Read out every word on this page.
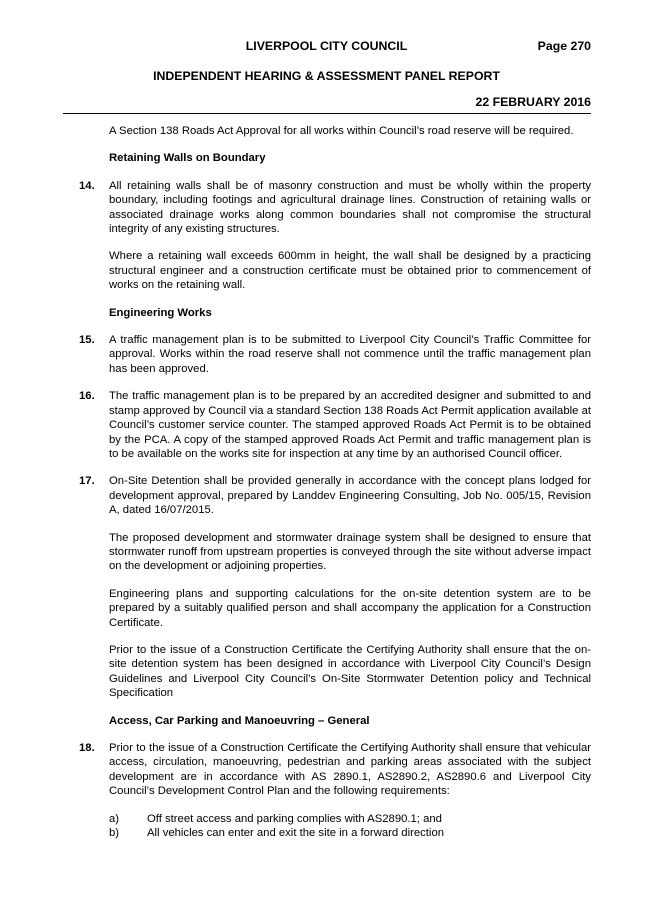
LIVERPOOL CITY COUNCIL	Page 270
INDEPENDENT HEARING & ASSESSMENT PANEL REPORT
22 FEBRUARY 2016

A Section 138 Roads Act Approval for all works within Council’s road reserve will be required.

Retaining Walls on Boundary

14.	All retaining walls shall be of masonry construction and must be wholly within the property boundary, including footings and agricultural drainage lines. Construction of retaining walls or associated drainage works along common boundaries shall not compromise the structural integrity of any existing structures.

Where a retaining wall exceeds 600mm in height, the wall shall be designed by a practicing structural engineer and a construction certificate must be obtained prior to commencement of works on the retaining wall.

Engineering Works

15.	A traffic management plan is to be submitted to Liverpool City Council’s Traffic Committee for approval. Works within the road reserve shall not commence until the traffic management plan has been approved.

16.	The traffic management plan is to be prepared by an accredited designer and submitted to and stamp approved by Council via a standard Section 138 Roads Act Permit application available at Council’s customer service counter. The stamped approved Roads Act Permit is to be obtained by the PCA. A copy of the stamped approved Roads Act Permit and traffic management plan is to be available on the works site for inspection at any time by an authorised Council officer.

17.	On-Site Detention shall be provided generally in accordance with the concept plans lodged for development approval, prepared by Landdev Engineering Consulting, Job No. 005/15, Revision A, dated 16/07/2015.

The proposed development and stormwater drainage system shall be designed to ensure that stormwater runoff from upstream properties is conveyed through the site without adverse impact on the development or adjoining properties.

Engineering plans and supporting calculations for the on-site detention system are to be prepared by a suitably qualified person and shall accompany the application for a Construction Certificate.

Prior to the issue of a Construction Certificate the Certifying Authority shall ensure that the on-site detention system has been designed in accordance with Liverpool City Council’s Design Guidelines and Liverpool City Council’s On-Site Stormwater Detention policy and Technical Specification

Access, Car Parking and Manoeuvring – General

18.	Prior to the issue of a Construction Certificate the Certifying Authority shall ensure that vehicular access, circulation, manoeuvring, pedestrian and parking areas associated with the subject development are in accordance with AS 2890.1, AS2890.2, AS2890.6 and Liverpool City Council’s Development Control Plan and the following requirements:

a)	Off street access and parking complies with AS2890.1; and
b)	All vehicles can enter and exit the site in a forward direction
